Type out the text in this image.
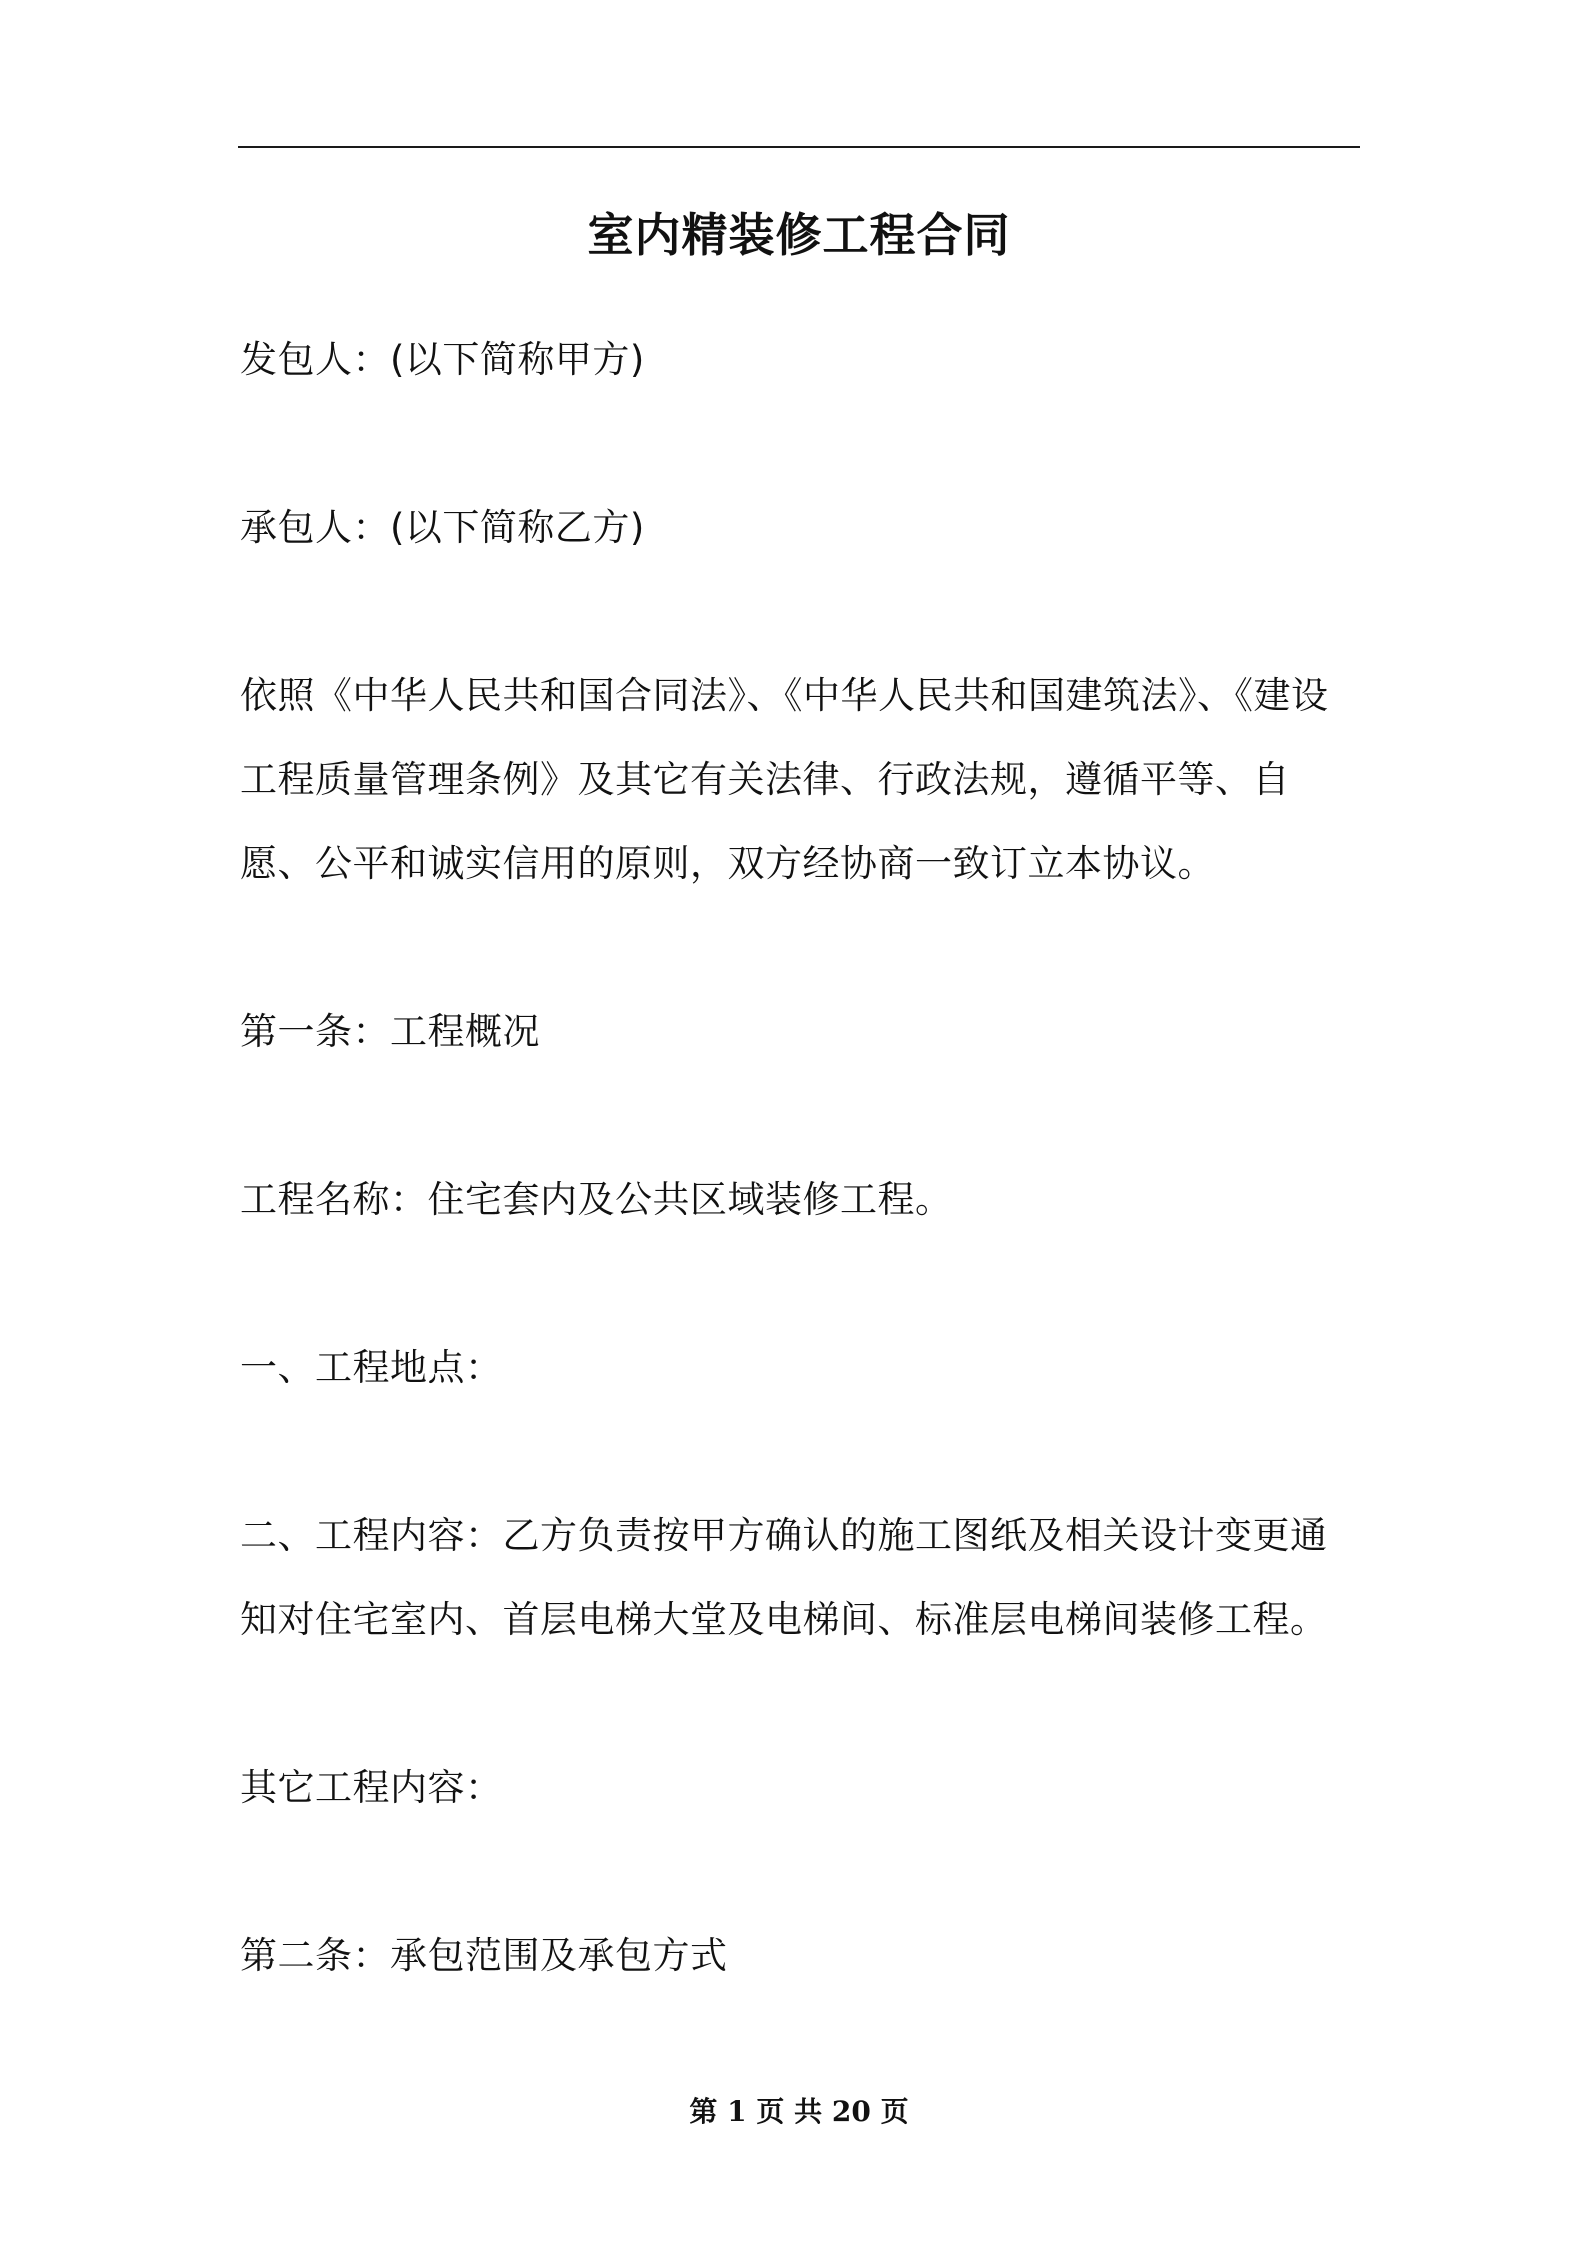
室内精装修工程合同

发包人：(以下简称甲方)

承包人：(以下简称乙方)

依照《中华人民共和国合同法》、《中华人民共和国建筑法》、《建设工程质量管理条例》及其它有关法律、行政法规，遵循平等、自愿、公平和诚实信用的原则，双方经协商一致订立本协议。

第一条：工程概况

工程名称：住宅套内及公共区域装修工程。

一、工程地点：

二、工程内容：乙方负责按甲方确认的施工图纸及相关设计变更通知对住宅室内、首层电梯大堂及电梯间、标准层电梯间装修工程。

其它工程内容：

第二条：承包范围及承包方式

第 1 页 共 20 页
